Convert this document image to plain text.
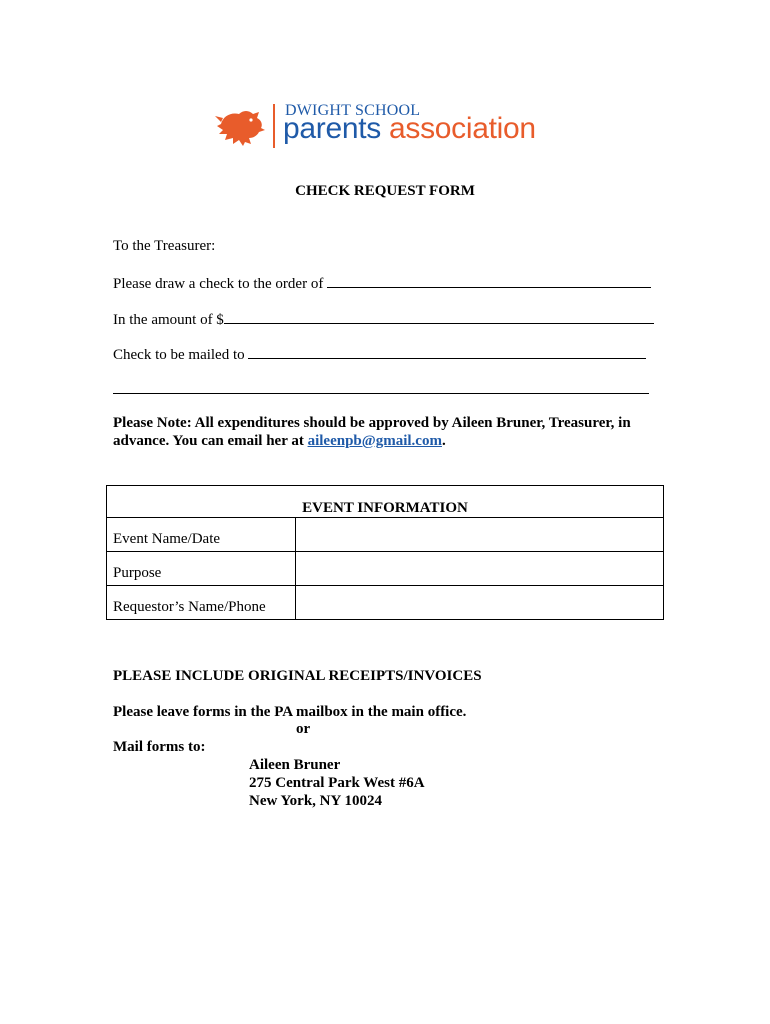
DWIGHT SCHOOL
parents association
CHECK REQUEST FORM
To the Treasurer:
Please draw a check to the order of
In the amount of $
Check to be mailed to
Please Note: All expenditures should be approved by Aileen Bruner, Treasurer, in advance. You can email her at aileenpb@gmail.com.
EVENT INFORMATION	
Event Name/Date	
Purpose	
Requestor’s Name/Phone	
PLEASE INCLUDE ORIGINAL RECEIPTS/INVOICES
Please leave forms in the PA mailbox in the main office.
or
Mail forms to:
Aileen Bruner
275 Central Park West #6A
New York, NY 10024
